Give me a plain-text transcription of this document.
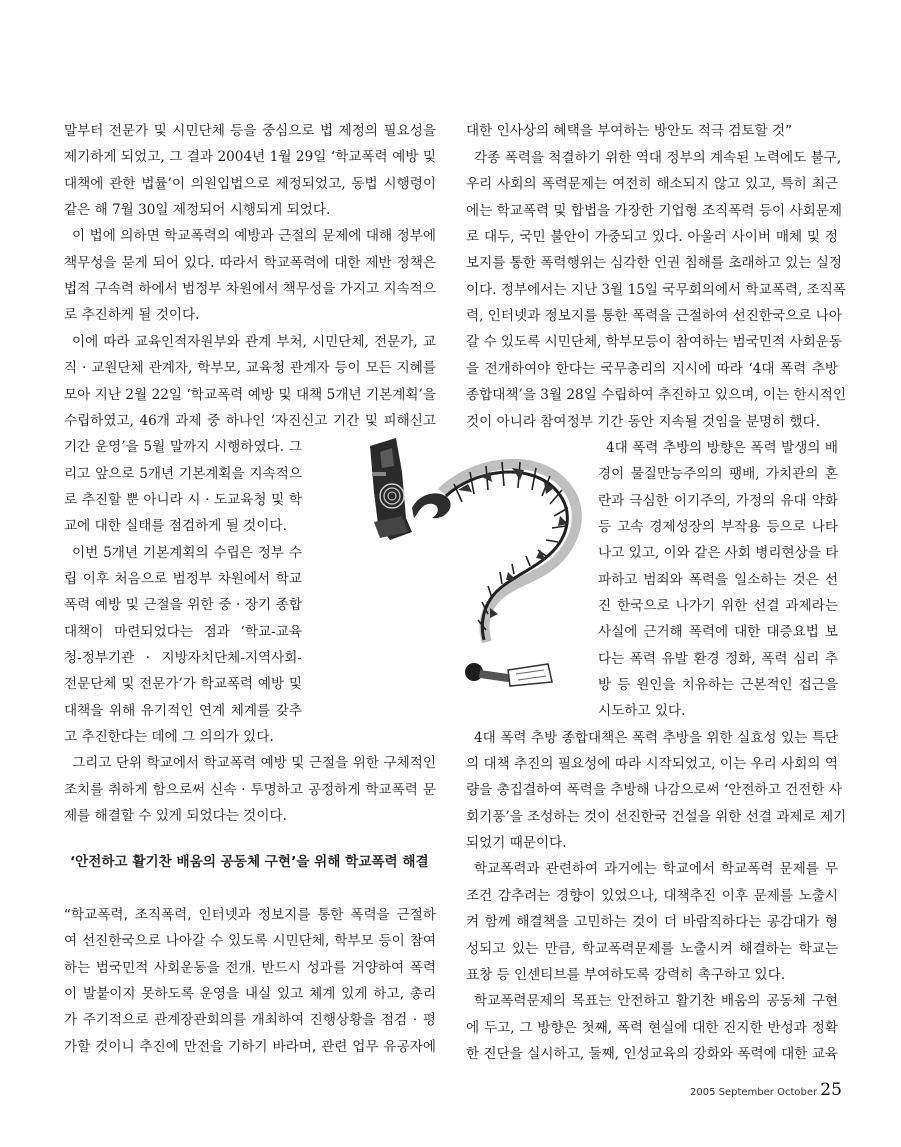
2005 September October 25
말부터 전문가 및 시민단체 등을 중심으로 법 제정의 필요성을
제기하게 되었고, 그 결과 2004년 1월 29일 ‘학교폭력 예방 및
대책에 관한 법률’이 의원입법으로 제정되었고, 동법 시행령이
같은 해 7월 30일 제정되어 시행되게 되었다.
이 법에 의하면 학교폭력의 예방과 근절의 문제에 대해 정부에
책무성을 묻게 되어 있다. 따라서 학교폭력에 대한 제반 정책은
법적 구속력 하에서 범정부 차원에서 책무성을 가지고 지속적으
로 추진하게 될 것이다.
이에 따라 교육인적자원부와 관계 부처, 시민단체, 전문가, 교
직 · 교원단체 관계자, 학부모, 교육청 관계자 등이 모든 지혜를
모아 지난 2월 22일 ‘학교폭력 예방 및 대책 5개년 기본계획’을
수립하였고, 46개 과제 중 하나인 ‘자진신고 기간 및 피해신고
기간 운영’을 5월 말까지 시행하였다. 그
리고 앞으로 5개년 기본계획을 지속적으
로 추진할 뿐 아니라 시 · 도교육청 및 학
교에 대한 실태를 점검하게 될 것이다.
이번 5개년 기본계획의 수립은 정부 수
립 이후 처음으로 범정부 차원에서 학교
폭력 예방 및 근절을 위한 중 · 장기 종합
대책이 마련되었다는 점과 ‘학교-교육
청-정부기관 · 지방자치단체-지역사회-
전문단체 및 전문가’가 학교폭력 예방 및
대책을 위해 유기적인 연계 체계를 갖추
고 추진한다는 데에 그 의의가 있다.
그리고 단위 학교에서 학교폭력 예방 및 근절을 위한 구체적인
조치를 취하게 함으로써 신속 · 투명하고 공정하게 학교폭력 문
제를 해결할 수 있게 되었다는 것이다.
‘안전하고 활기찬 배움의 공동체 구현’을 위해 학교폭력 해결
“학교폭력, 조직폭력, 인터넷과 정보지를 통한 폭력을 근절하
여 선진한국으로 나아갈 수 있도록 시민단체, 학부모 등이 참여
하는 범국민적 사회운동을 전개. 반드시 성과를 거양하여 폭력
이 발붙이지 못하도록 운영을 내실 있고 체계 있게 하고, 총리
가 주기적으로 관계장관회의를 개최하여 진행상황을 점검 · 평
가할 것이니 추진에 만전을 기하기 바라며, 관련 업무 유공자에
대한 인사상의 혜택을 부여하는 방안도 적극 검토할 것”
각종 폭력을 척결하기 위한 역대 정부의 계속된 노력에도 불구,
우리 사회의 폭력문제는 여전히 해소되지 않고 있고, 특히 최근
에는 학교폭력 및 합법을 가장한 기업형 조직폭력 등이 사회문제
로 대두, 국민 불안이 가중되고 있다. 아울러 사이버 매체 및 정
보지를 통한 폭력행위는 심각한 인권 침해를 초래하고 있는 실정
이다. 정부에서는 지난 3월 15일 국무회의에서 학교폭력, 조직폭
력, 인터넷과 정보지를 통한 폭력을 근절하여 선진한국으로 나아
갈 수 있도록 시민단체, 학부모등이 참여하는 범국민적 사회운동
을 전개하여야 한다는 국무총리의 지시에 따라 ‘4대 폭력 추방
종합대책’을 3월 28일 수립하여 추진하고 있으며, 이는 한시적인
것이 아니라 참여정부 기간 동안 지속될 것임을 분명히 했다.
4대 폭력 추방의 방향은 폭력 발생의 배
경이 물질만능주의의 팽배, 가치관의 혼
란과 극심한 이기주의, 가정의 유대 약화
등 고속 경제성장의 부작용 등으로 나타
나고 있고, 이와 같은 사회 병리현상을 타
파하고 범죄와 폭력을 일소하는 것은 선
진 한국으로 나가기 위한 선결 과제라는
사실에 근거해 폭력에 대한 대증요법 보
다는 폭력 유발 환경 정화, 폭력 심리 추
방 등 원인을 치유하는 근본적인 접근을
시도하고 있다.
4대 폭력 추방 종합대책은 폭력 추방을 위한 실효성 있는 특단
의 대책 추진의 필요성에 따라 시작되었고, 이는 우리 사회의 역
량을 총집결하여 폭력을 추방해 나감으로써 ‘안전하고 건전한 사
회기풍’을 조성하는 것이 선진한국 건설을 위한 선결 과제로 제기
되었기 때문이다.
학교폭력과 관련하여 과거에는 학교에서 학교폭력 문제를 무
조건 감추려는 경향이 있었으나, 대책추진 이후 문제를 노출시
켜 함께 해결책을 고민하는 것이 더 바람직하다는 공감대가 형
성되고 있는 만큼, 학교폭력문제를 노출시켜 해결하는 학교는
표창 등 인센티브를 부여하도록 강력히 촉구하고 있다.
학교폭력문제의 목표는 안전하고 활기찬 배움의 공동체 구현
에 두고, 그 방향은 첫째, 폭력 현실에 대한 진지한 반성과 정확
한 진단을 실시하고, 둘째, 인성교육의 강화와 폭력에 대한 교육
